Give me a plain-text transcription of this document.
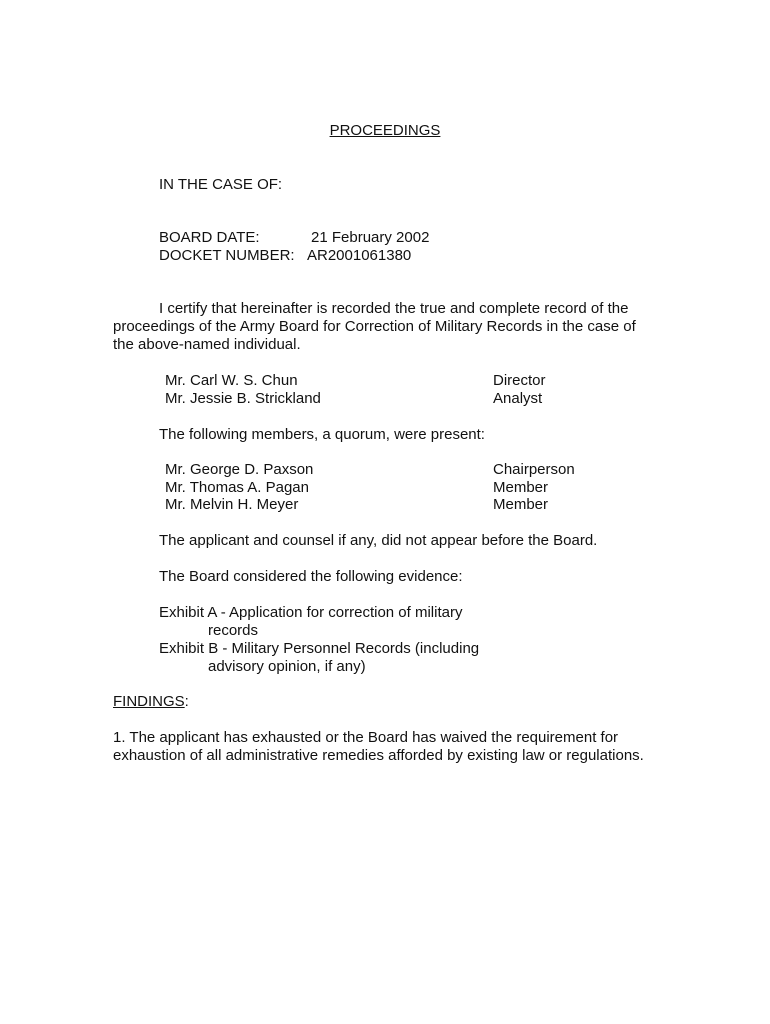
PROCEEDINGS
IN THE CASE OF:
BOARD DATE:	21 February 2002
DOCKET NUMBER: AR2001061380
I certify that hereinafter is recorded the true and complete record of the
proceedings of the Army Board for Correction of Military Records in the case of
the above-named individual.
Mr. Carl W. S. Chun	Director
Mr. Jessie B. Strickland	Analyst
The following members, a quorum, were present:
Mr. George D. Paxson	Chairperson
Mr. Thomas A. Pagan	Member
Mr. Melvin H. Meyer	Member
The applicant and counsel if any, did not appear before the Board.
The Board considered the following evidence:
Exhibit A - Application for correction of military
records
Exhibit B - Military Personnel Records (including
advisory opinion, if any)
FINDINGS:
1. The applicant has exhausted or the Board has waived the requirement for
exhaustion of all administrative remedies afforded by existing law or regulations.
